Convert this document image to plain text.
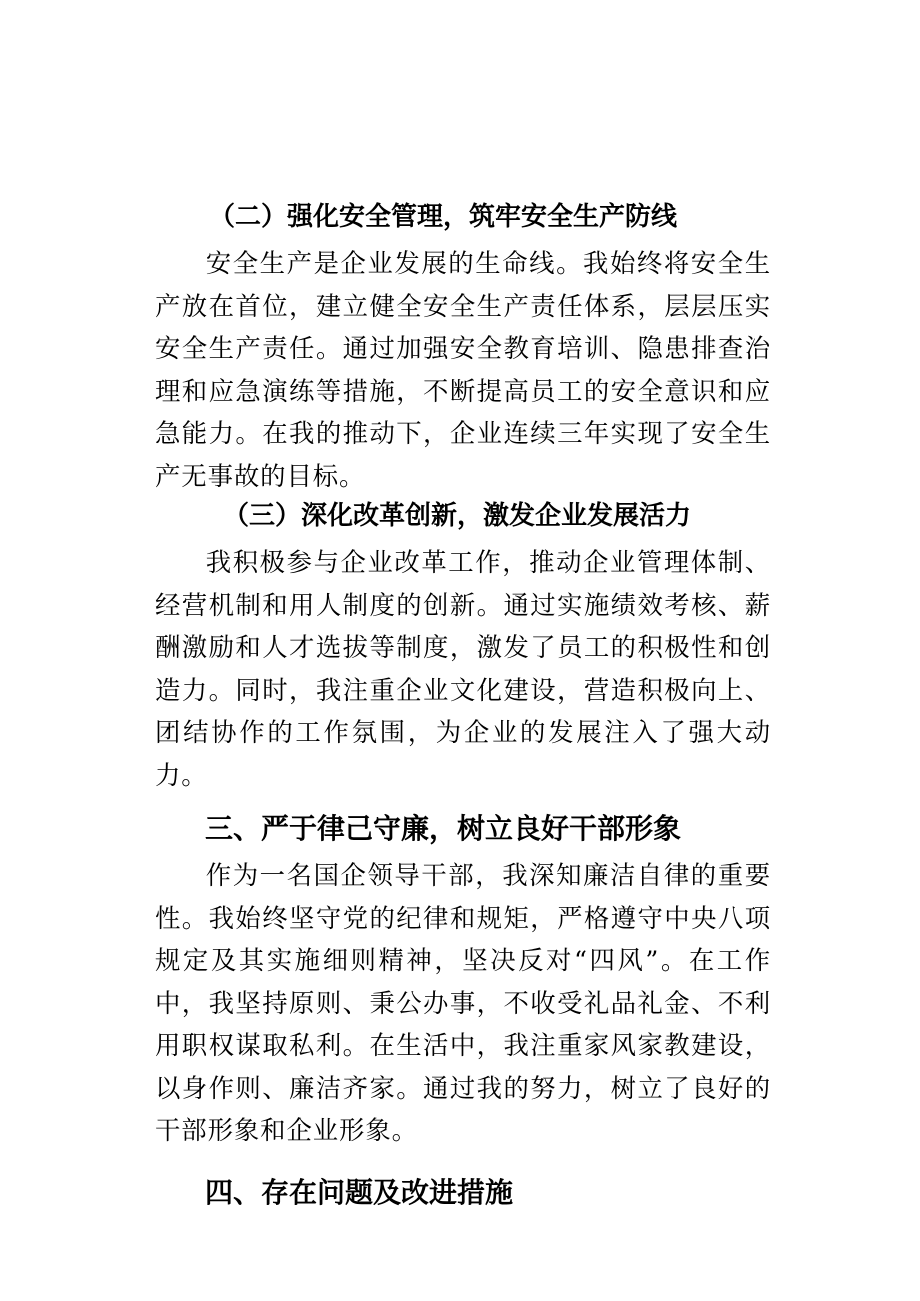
（二）强化安全管理，筑牢安全生产防线

安全生产是企业发展的生命线。我始终将安全生产放在首位，建立健全安全生产责任体系，层层压实安全生产责任。通过加强安全教育培训、隐患排查治理和应急演练等措施，不断提高员工的安全意识和应急能力。在我的推动下，企业连续三年实现了安全生产无事故的目标。

（三）深化改革创新，激发企业发展活力

我积极参与企业改革工作，推动企业管理体制、经营机制和用人制度的创新。通过实施绩效考核、薪酬激励和人才选拔等制度，激发了员工的积极性和创造力。同时，我注重企业文化建设，营造积极向上、团结协作的工作氛围，为企业的发展注入了强大动力。

三、严于律己守廉，树立良好干部形象

作为一名国企领导干部，我深知廉洁自律的重要性。我始终坚守党的纪律和规矩，严格遵守中央八项规定及其实施细则精神，坚决反对“四风”。在工作中，我坚持原则、秉公办事，不收受礼品礼金、不利用职权谋取私利。在生活中，我注重家风家教建设，以身作则、廉洁齐家。通过我的努力，树立了良好的干部形象和企业形象。

四、存在问题及改进措施
